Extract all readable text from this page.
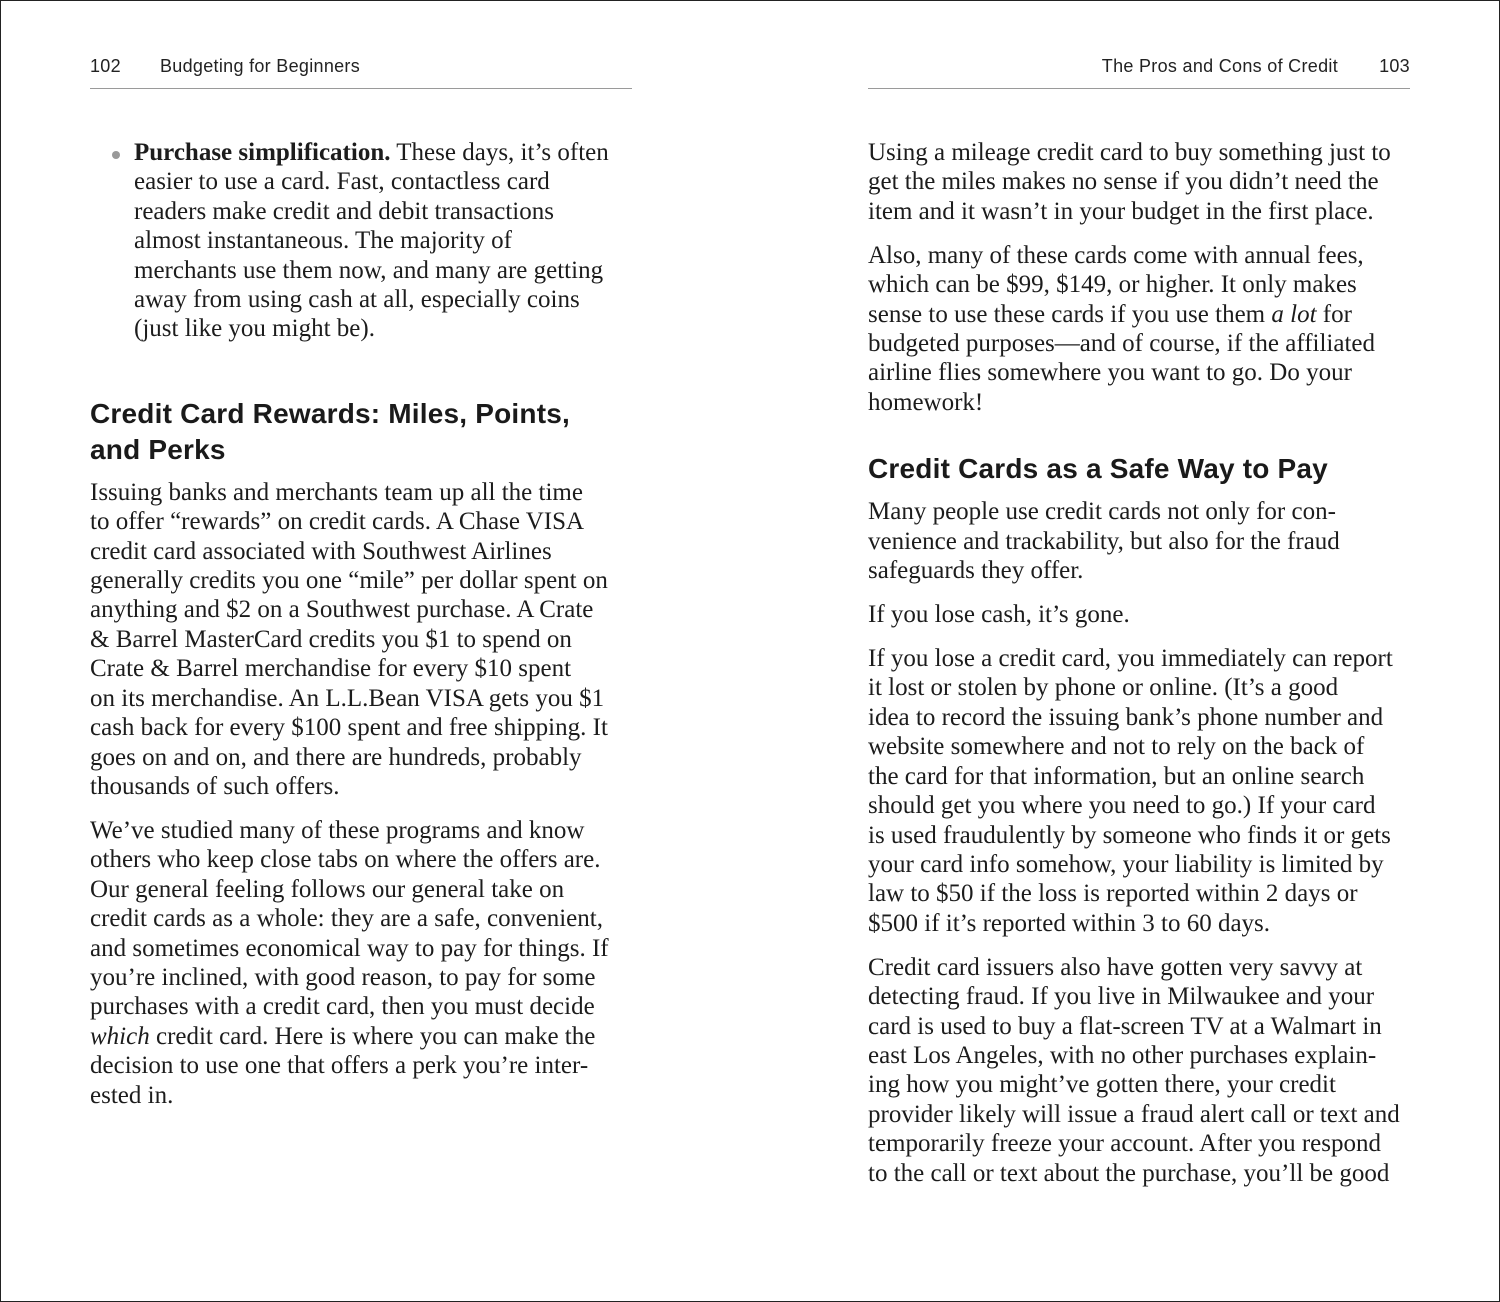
102 Budgeting for Beginners
Purchase simplification. These days, it’s often
easier to use a card. Fast, contactless card
readers make credit and debit transactions
almost instantaneous. The majority of
merchants use them now, and many are getting
away from using cash at all, especially coins
(just like you might be).
Credit Card Rewards: Miles, Points,
and Perks

Issuing banks and merchants team up all the time
to offer “rewards” on credit cards. A Chase VISA
credit card associated with Southwest Airlines
generally credits you one “mile” per dollar spent on
anything and $2 on a Southwest purchase. A Crate
& Barrel MasterCard credits you $1 to spend on
Crate & Barrel merchandise for every $10 spent
on its merchandise. An L.L.Bean VISA gets you $1
cash back for every $100 spent and free shipping. It
goes on and on, and there are hundreds, probably
thousands of such offers.

We’ve studied many of these programs and know
others who keep close tabs on where the offers are.
Our general feeling follows our general take on
credit cards as a whole: they are a safe, convenient,
and sometimes economical way to pay for things. If
you’re inclined, with good reason, to pay for some
purchases with a credit card, then you must decide
which credit card. Here is where you can make the
decision to use one that offers a perk you’re inter-
ested in.

The Pros and Cons of Credit 103

Using a mileage credit card to buy something just to
get the miles makes no sense if you didn’t need the
item and it wasn’t in your budget in the first place.

Also, many of these cards come with annual fees,
which can be $99, $149, or higher. It only makes
sense to use these cards if you use them a lot for
budgeted purposes—and of course, if the affiliated
airline flies somewhere you want to go. Do your
homework!

Credit Cards as a Safe Way to Pay

Many people use credit cards not only for con-
venience and trackability, but also for the fraud
safeguards they offer.

If you lose cash, it’s gone.

If you lose a credit card, you immediately can report
it lost or stolen by phone or online. (It’s a good
idea to record the issuing bank’s phone number and
website somewhere and not to rely on the back of
the card for that information, but an online search
should get you where you need to go.) If your card
is used fraudulently by someone who finds it or gets
your card info somehow, your liability is limited by
law to $50 if the loss is reported within 2 days or
$500 if it’s reported within 3 to 60 days.

Credit card issuers also have gotten very savvy at
detecting fraud. If you live in Milwaukee and your
card is used to buy a flat-screen TV at a Walmart in
east Los Angeles, with no other purchases explain-
ing how you might’ve gotten there, your credit
provider likely will issue a fraud alert call or text and
temporarily freeze your account. After you respond
to the call or text about the purchase, you’ll be good
